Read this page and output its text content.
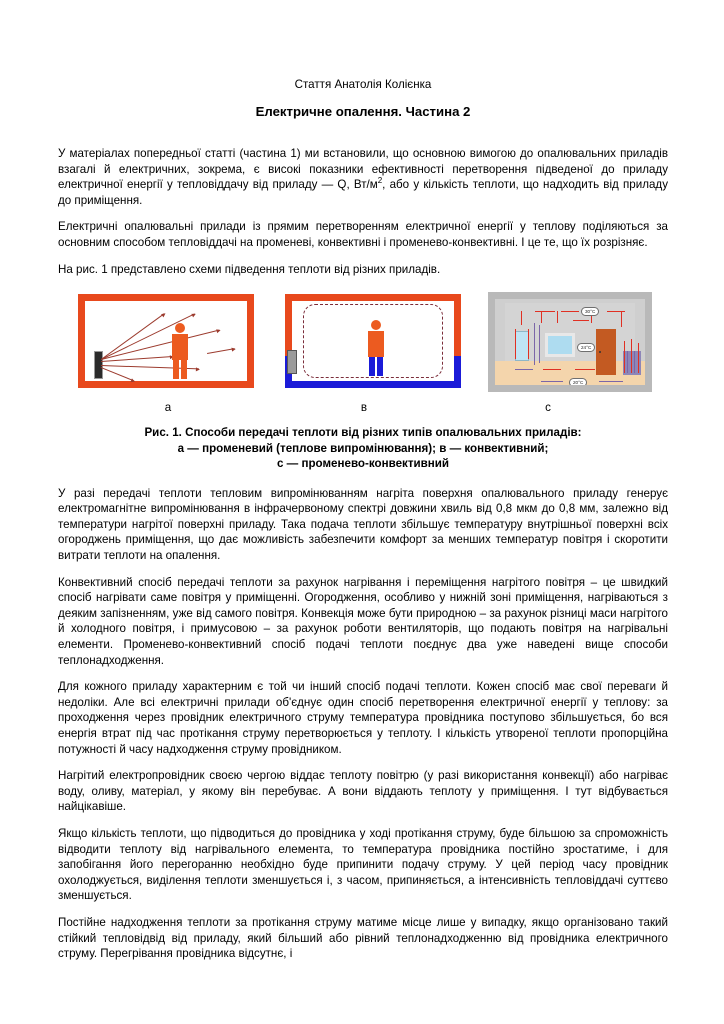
Стаття Анатолія Колієнка
Електричне опалення. Частина 2

У матеріалах попередньої статті (частина 1) ми встановили, що основною вимогою до опалювальних приладів взагалі й електричних, зокрема, є високі показники ефективності перетворення підведеної до приладу електричної енергії у тепловіддачу від приладу — Q, $Вт/м^2$, або у кількість теплоти, що надходить від приладу до приміщення.

Електричні опалювальні прилади із прямим перетворенням електричної енергії у теплову поділяються за основним способом тепловіддачі на променеві, конвективні і променево-конвективні. І це те, що їх розрізняє.

На рис. 1 представлено схеми підведення теплоти від різних приладів.

30°C
24°C
20°C
а	в	с
Рис. 1. Способи передачі теплоти від різних типів опалювальних приладів:
а — променевий (теплове випромінювання); в — конвективний;
с — променево-конвективний

У разі передачі теплоти тепловим випромінюванням нагріта поверхня опалювального приладу генерує електромагнітне випромінювання в інфрачервоному спектрі довжини хвиль від 0,8 мкм до 0,8 мм, залежно від температури нагрітої поверхні приладу. Така подача теплоти збільшує температуру внутрішньої поверхні всіх огороджень приміщення, що дає можливість забезпечити комфорт за менших температур повітря і скоротити витрати теплоти на опалення.

Конвективний спосіб передачі теплоти за рахунок нагрівання і переміщення нагрітого повітря – це швидкий спосіб нагрівати саме повітря у приміщенні. Огородження, особливо у нижній зоні приміщення, нагріваються з деяким запізненням, уже від самого повітря. Конвекція може бути природною – за рахунок різниці маси нагрітого й холодного повітря, і примусовою – за рахунок роботи вентиляторів, що подають повітря на нагрівальні елементи. Променево-конвективний спосіб подачі теплоти поєднує два уже наведені вище способи теплонадходження.

Для кожного приладу характерним є той чи інший спосіб подачі теплоти. Кожен спосіб має свої переваги й недоліки. Але всі електричні прилади об'єднує один спосіб перетворення електричної енергії у теплову: за проходження через провідник електричного струму температура провідника поступово збільшується, бо вся енергія втрат під час протікання струму перетворюється у теплоту. І кількість утвореної теплоти пропорційна потужності й часу надходження струму провідником.

Нагрітий електропровідник своєю чергою віддає теплоту повітрю (у разі використання конвекції) або нагріває воду, оливу, матеріал, у якому він перебуває. А вони віддають теплоту у приміщення. І тут відбувається найцікавіше.

Якщо кількість теплоти, що підводиться до провідника у ході протікання струму, буде більшою за спроможність відводити теплоту від нагрівального елемента, то температура провідника постійно зростатиме, і для запобігання його перегоранню необхідно буде припинити подачу струму. У цей період часу провідник охолоджується, виділення теплоти зменшується і, з часом, припиняється, а інтенсивність тепловіддачі суттєво зменшується.

Постійне надходження теплоти за протікання струму матиме місце лише у випадку, якщо організовано такий стійкий тепловідвід від приладу, який більший або рівний теплонадходженню від провідника електричного струму. Перегрівання провідника відсутнє, і
